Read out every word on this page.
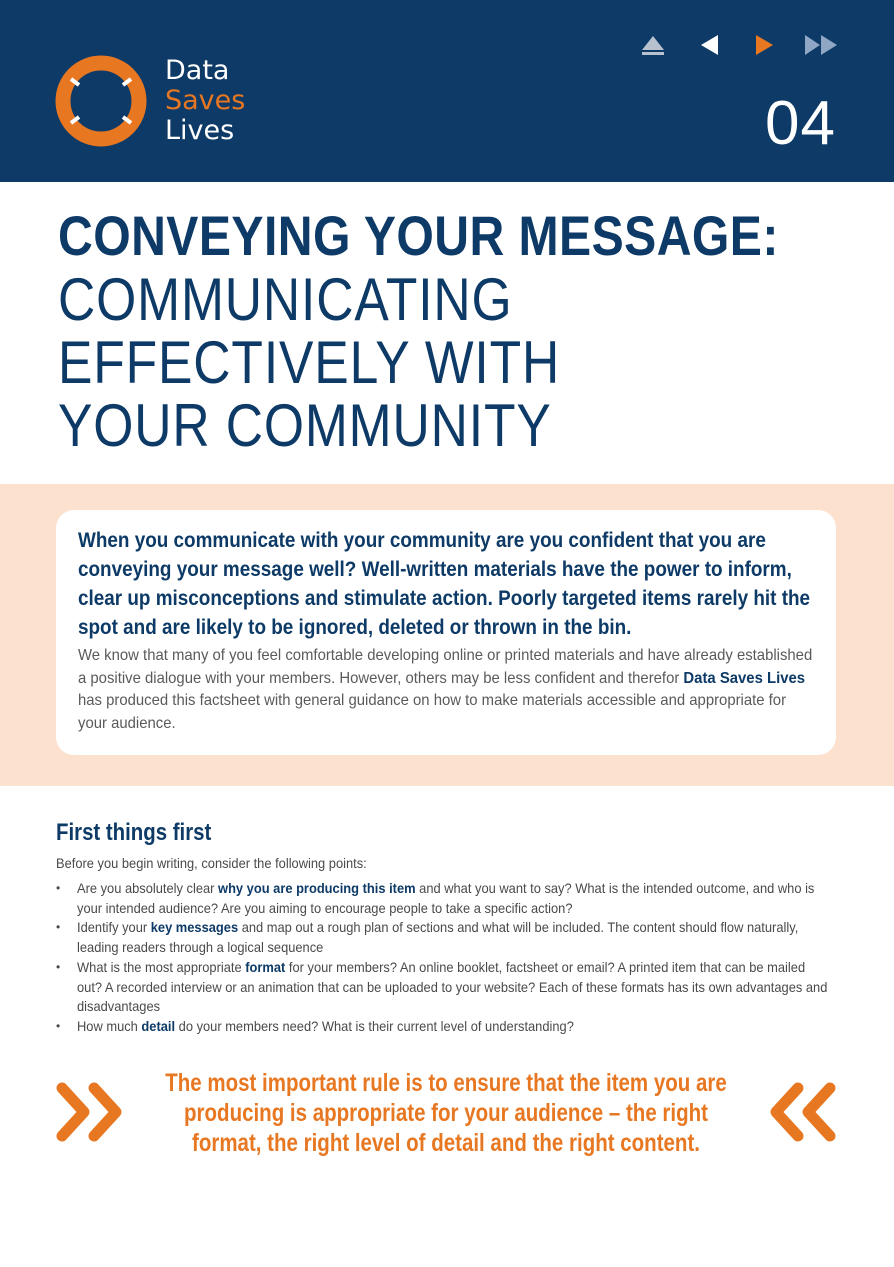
Data
Saves
Lives	04
CONVEYING YOUR MESSAGE:
COMMUNICATING
EFFECTIVELY WITH
YOUR COMMUNITY

When you communicate with your community are you confident that you are conveying your message well? Well-written materials have the power to inform, clear up misconceptions and stimulate action. Poorly targeted items rarely hit the spot and are likely to be ignored, deleted or thrown in the bin.

We know that many of you feel comfortable developing online or printed materials and have already established a positive dialogue with your members. However, others may be less confident and therefor Data Saves Lives has produced this factsheet with general guidance on how to make materials accessible and appropriate for your audience.

First things first

Before you begin writing, consider the following points:

• Are you absolutely clear why you are producing this item and what you want to say? What is the intended outcome, and who is your intended audience? Are you aiming to encourage people to take a specific action?
• Identify your key messages and map out a rough plan of sections and what will be included. The content should flow naturally, leading readers through a logical sequence
• What is the most appropriate format for your members? An online booklet, factsheet or email? A printed item that can be mailed out? A recorded interview or an animation that can be uploaded to your website? Each of these formats has its own advantages and disadvantages
• How much detail do your members need? What is their current level of understanding?
The most important rule is to ensure that the item you are
producing is appropriate for your audience – the right
format, the right level of detail and the right content.
